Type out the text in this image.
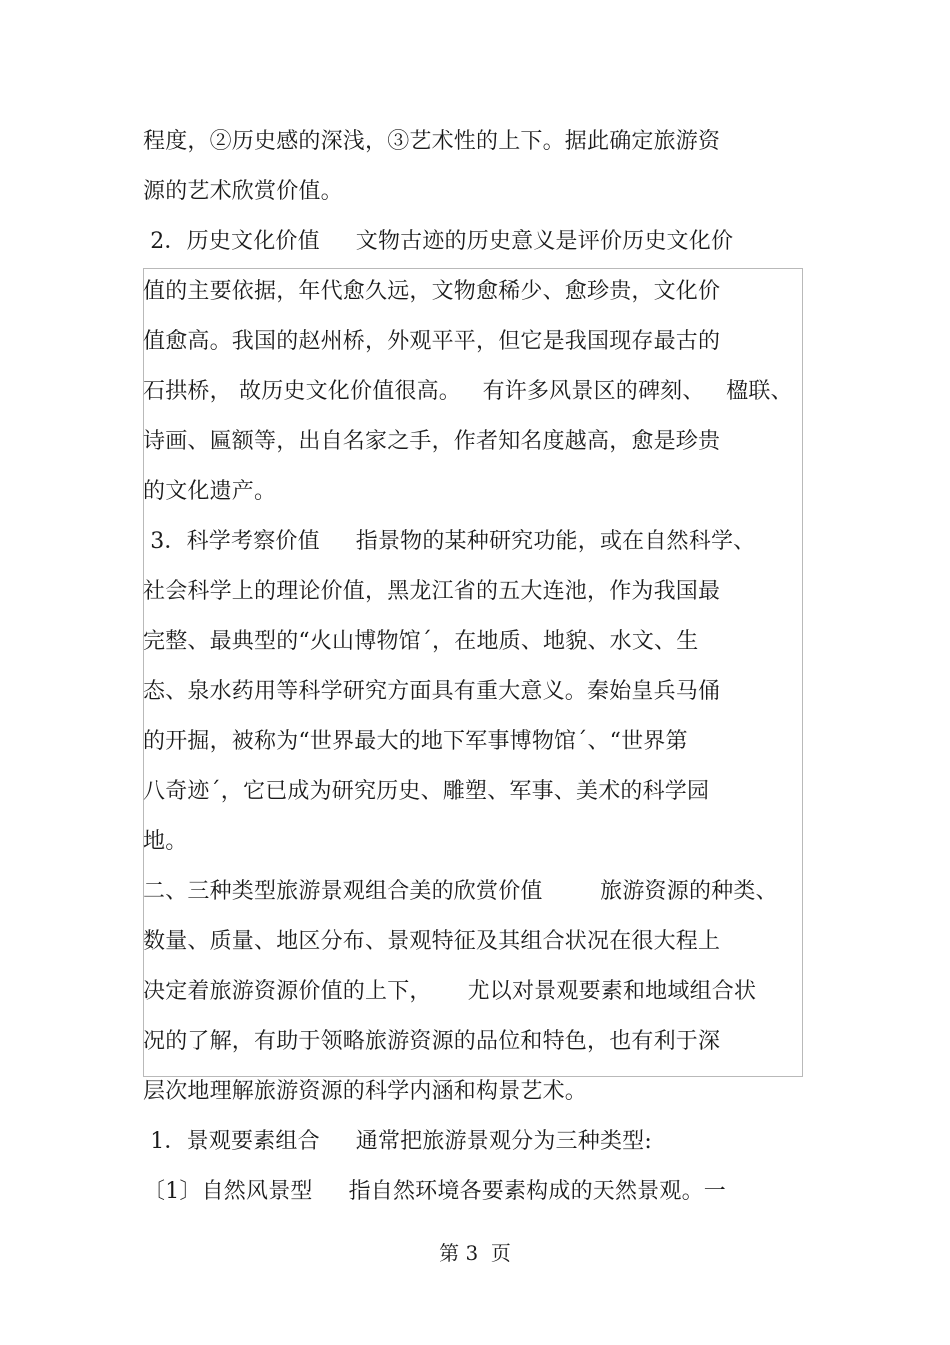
程度，②历史感的深浅，③艺术性的上下。据此确定旅游资
源的艺术欣赏价值。
2．历史文化价值     文物古迹的历史意义是评价历史文化价
值的主要依据，年代愈久远，文物愈稀少、愈珍贵，文化价
值愈高。我国的赵州桥，外观平平，但它是我国现存最古的
石拱桥， 故历史文化价值很高。   有许多风景区的碑刻、   楹联、
诗画、匾额等，出自名家之手，作者知名度越高，愈是珍贵
的文化遗产。
3．科学考察价值     指景物的某种研究功能，或在自然科学、
社会科学上的理论价值，黑龙江省的五大连池，作为我国最
完整、最典型的“火山博物馆ˊ，在地质、地貌、水文、生
态、泉水药用等科学研究方面具有重大意义。秦始皇兵马俑
的开掘，被称为“世界最大的地下军事博物馆ˊ、“世界第
八奇迹ˊ，它已成为研究历史、雕塑、军事、美术的科学园
地。
二、三种类型旅游景观组合美的欣赏价值        旅游资源的种类、
数量、质量、地区分布、景观特征及其组合状况在很大程上
决定着旅游资源价值的上下，     尤以对景观要素和地域组合状
况的了解，有助于领略旅游资源的品位和特色，也有利于深
层次地理解旅游资源的科学内涵和构景艺术。
1．景观要素组合     通常把旅游景观分为三种类型:
〔1〕自然风景型     指自然环境各要素构成的天然景观。一
第 3  页
